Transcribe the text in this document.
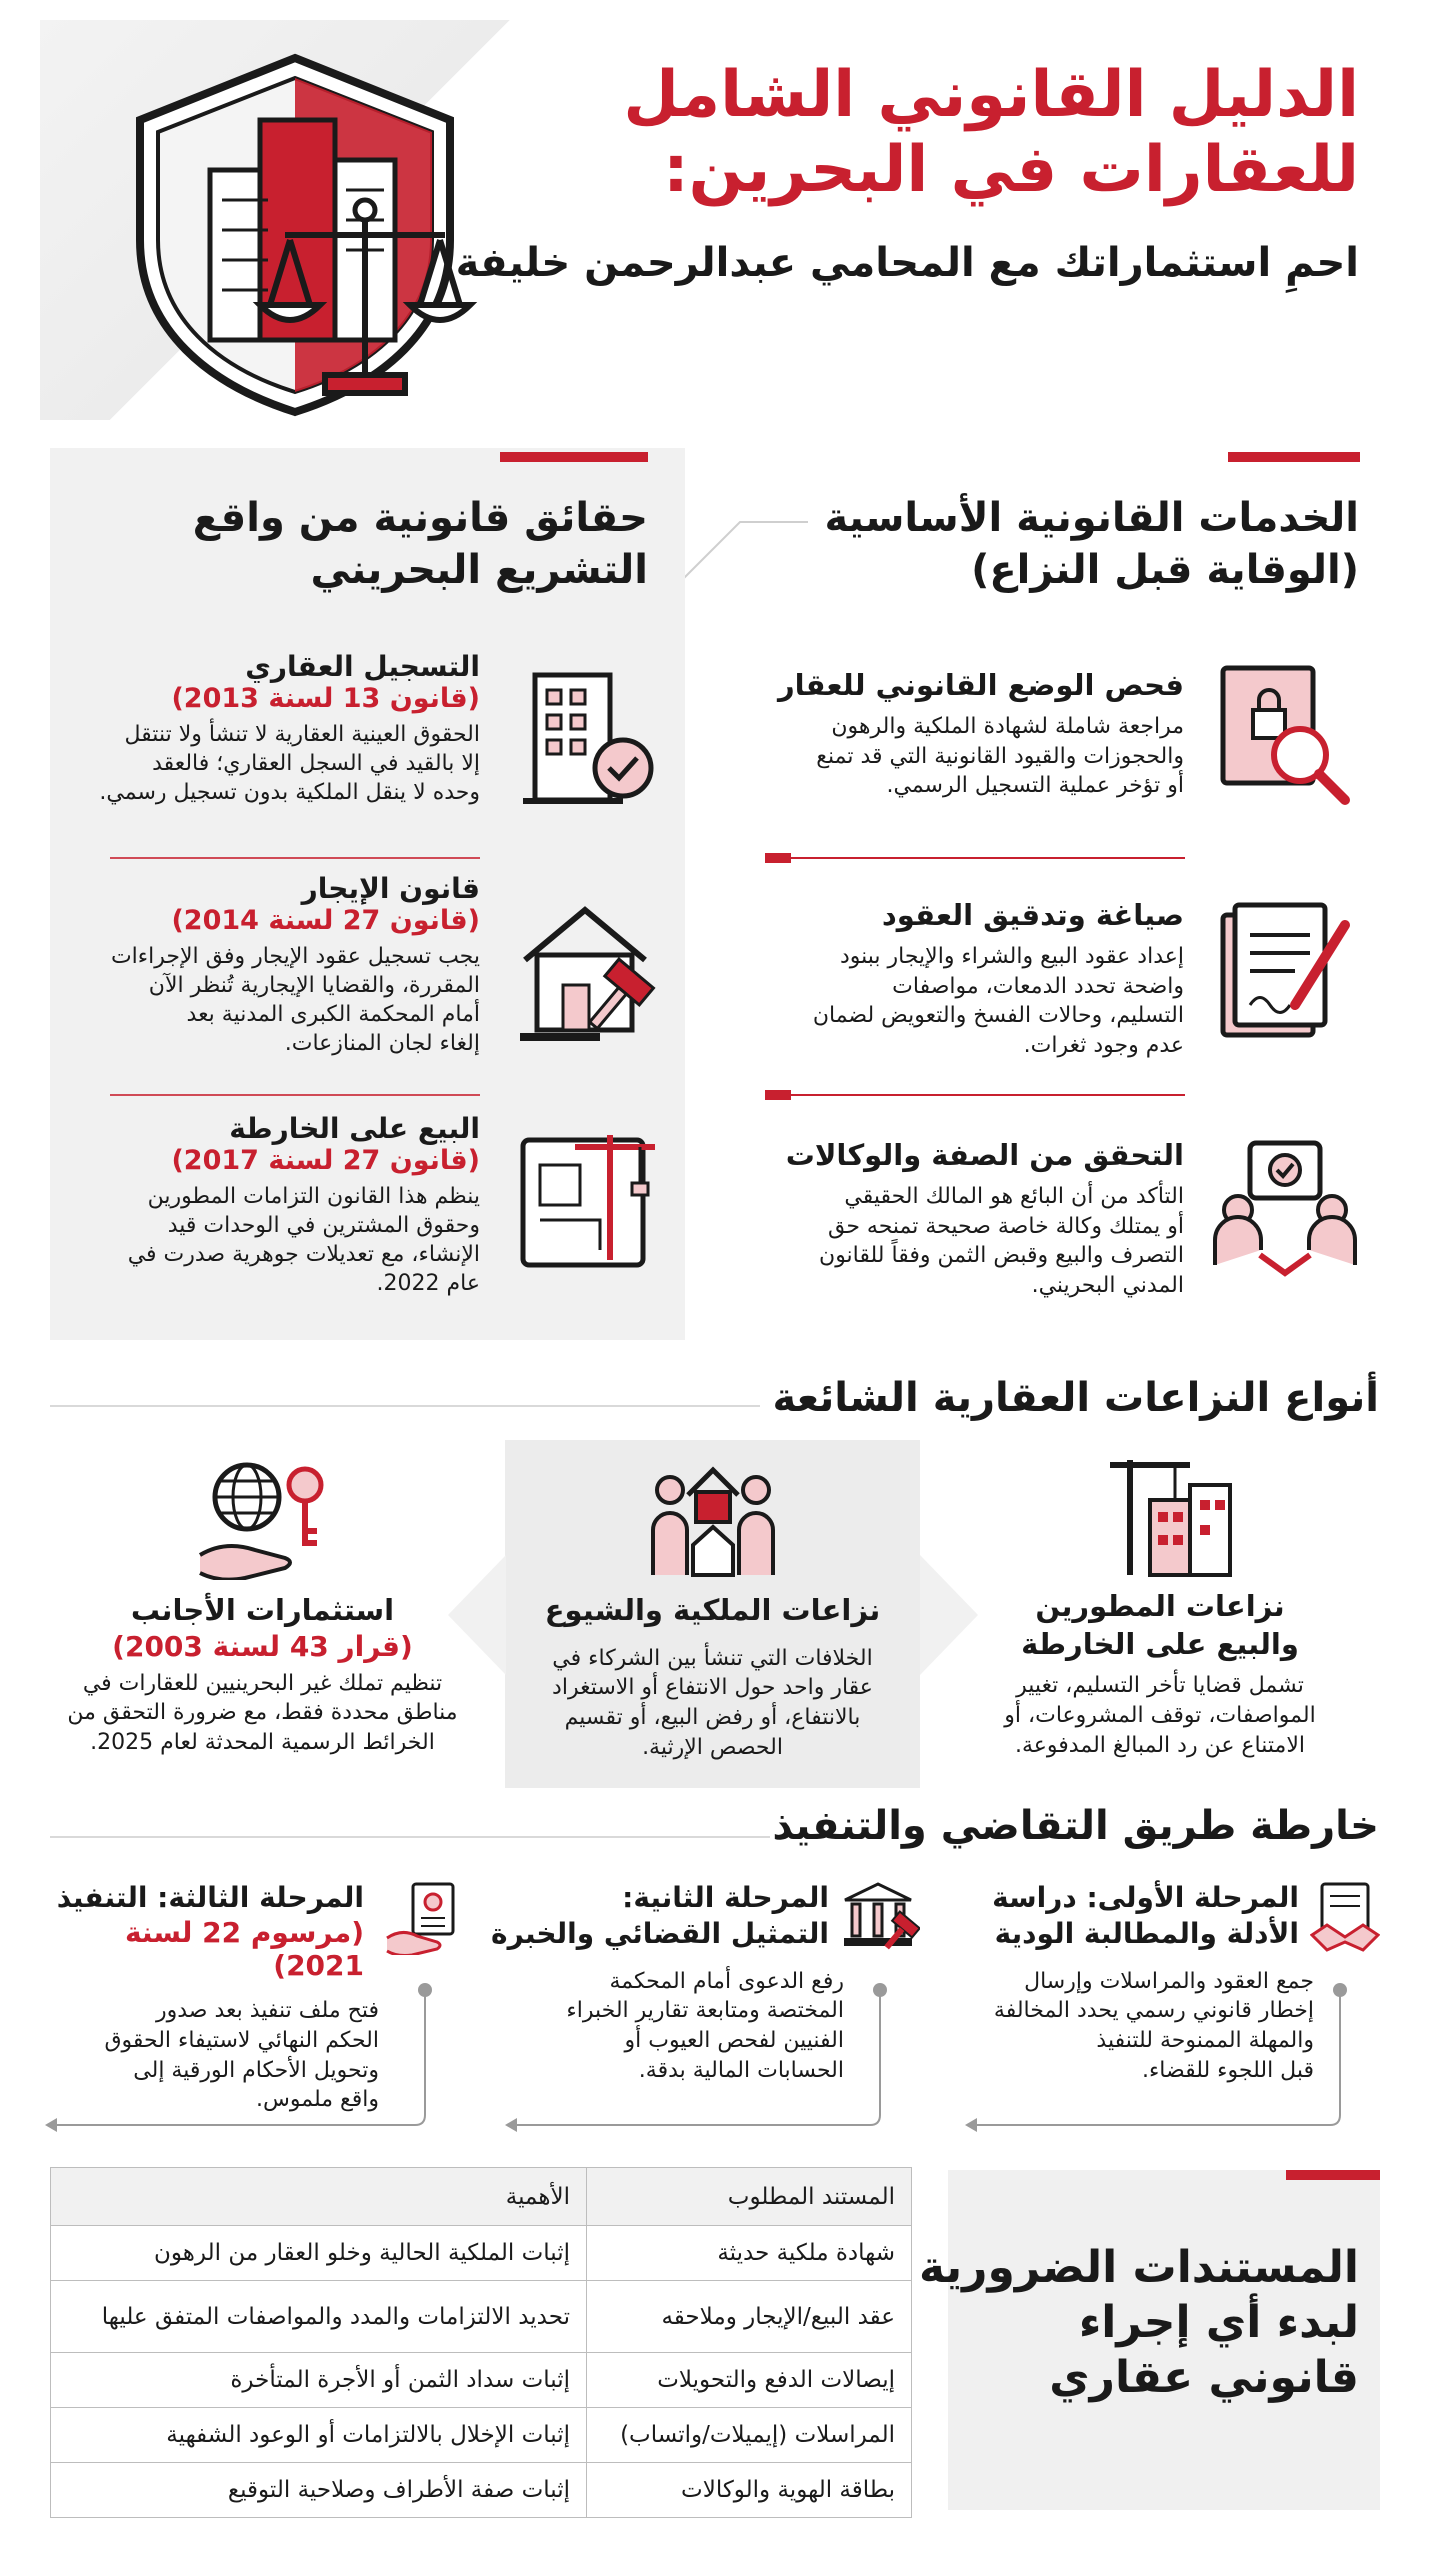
الدليل القانوني الشامل
للعقارات في البحرين:
احمِ استثماراتك مع المحامي عبدالرحمن خليفة
الخدمات القانونية الأساسية
(الوقاية قبل النزاع)
فحص الوضع القانوني للعقار
مراجعة شاملة لشهادة الملكية والرهون
والحجوزات والقيود القانونية التي قد تمنع
أو تؤخر عملية التسجيل الرسمي.
صياغة وتدقيق العقود
إعداد عقود البيع والشراء والإيجار ببنود
واضحة تحدد الدمعات، مواصفات
التسليم، وحالات الفسخ والتعويض لضمان
عدم وجود ثغرات.
التحقق من الصفة والوكالات
التأكد من أن البائع هو المالك الحقيقي
أو يمتلك وكالة خاصة صحيحة تمنحه حق
التصرف والبيع وقبض الثمن وفقاً للقانون
المدني البحريني.
حقائق قانونية من واقع
التشريع البحريني
التسجيل العقاري
(قانون 13 لسنة 2013)
الحقوق العينية العقارية لا تنشأ ولا تنتقل
إلا بالقيد في السجل العقاري؛ فالعقد
وحده لا ينقل الملكية بدون تسجيل رسمي.
قانون الإيجار
(قانون 27 لسنة 2014)
يجب تسجيل عقود الإيجار وفق الإجراءات
المقررة، والقضايا الإيجارية تُنظر الآن
أمام المحكمة الكبرى المدنية بعد
إلغاء لجان المنازعات.
البيع على الخارطة
(قانون 27 لسنة 2017)
ينظم هذا القانون التزامات المطورين
وحقوق المشترين في الوحدات قيد
الإنشاء، مع تعديلات جوهرية صدرت في
عام 2022.
أنواع النزاعات العقارية الشائعة
نزاعات المطورين
والبيع على الخارطة
تشمل قضايا تأخر التسليم، تغيير
المواصفات، توقف المشروعات، أو
الامتناع عن رد المبالغ المدفوعة.
نزاعات الملكية والشيوع
الخلافات التي تنشأ بين الشركاء في
عقار واحد حول الانتفاع أو الاستغراد
بالانتفاع، أو رفض البيع، أو تقسيم
الحصص الإرثية.
استثمارات الأجانب
(قرار 43 لسنة 2003)
تنظيم تملك غير البحرينيين للعقارات في
مناطق محددة فقط، مع ضرورة التحقق من
الخرائط الرسمية المحدثة لعام 2025.
خارطة طريق التقاضي والتنفيذ
المرحلة الأولى: دراسة
الأدلة والمطالبة الودية
جمع العقود والمراسلات وإرسال
إخطار قانوني رسمي يحدد المخالفة
والمهلة الممنوحة للتنفيذ
قبل اللجوء للقضاء.
المرحلة الثانية:
التمثيل القضائي والخبرة
رفع الدعوى أمام المحكمة
المختصة ومتابعة تقارير الخبراء
الفنيين لفحص العيوب أو
الحسابات المالية بدقة.
المرحلة الثالثة: التنفيذ
(مرسوم 22 لسنة 2021)
فتح ملف تنفيذ بعد صدور
الحكم النهائي لاستيفاء الحقوق
وتحويل الأحكام الورقية إلى
واقع ملموس.
المستندات الضرورية
لبدء أي إجراء
قانوني عقاري
المستند المطلوب	الأهمية
شهادة ملكية حديثة	إثبات الملكية الحالية وخلو العقار من الرهون
عقد البيع/الإيجار وملاحقه	تحديد الالتزامات والمدد والمواصفات المتفق عليها
إيصالات الدفع والتحويلات	إثبات سداد الثمن أو الأجرة المتأخرة
المراسلات (إيميلات/واتساب)	إثبات الإخلال بالالتزامات أو الوعود الشفهية
بطاقة الهوية والوكالات	إثبات صفة الأطراف وصلاحية التوقيع
